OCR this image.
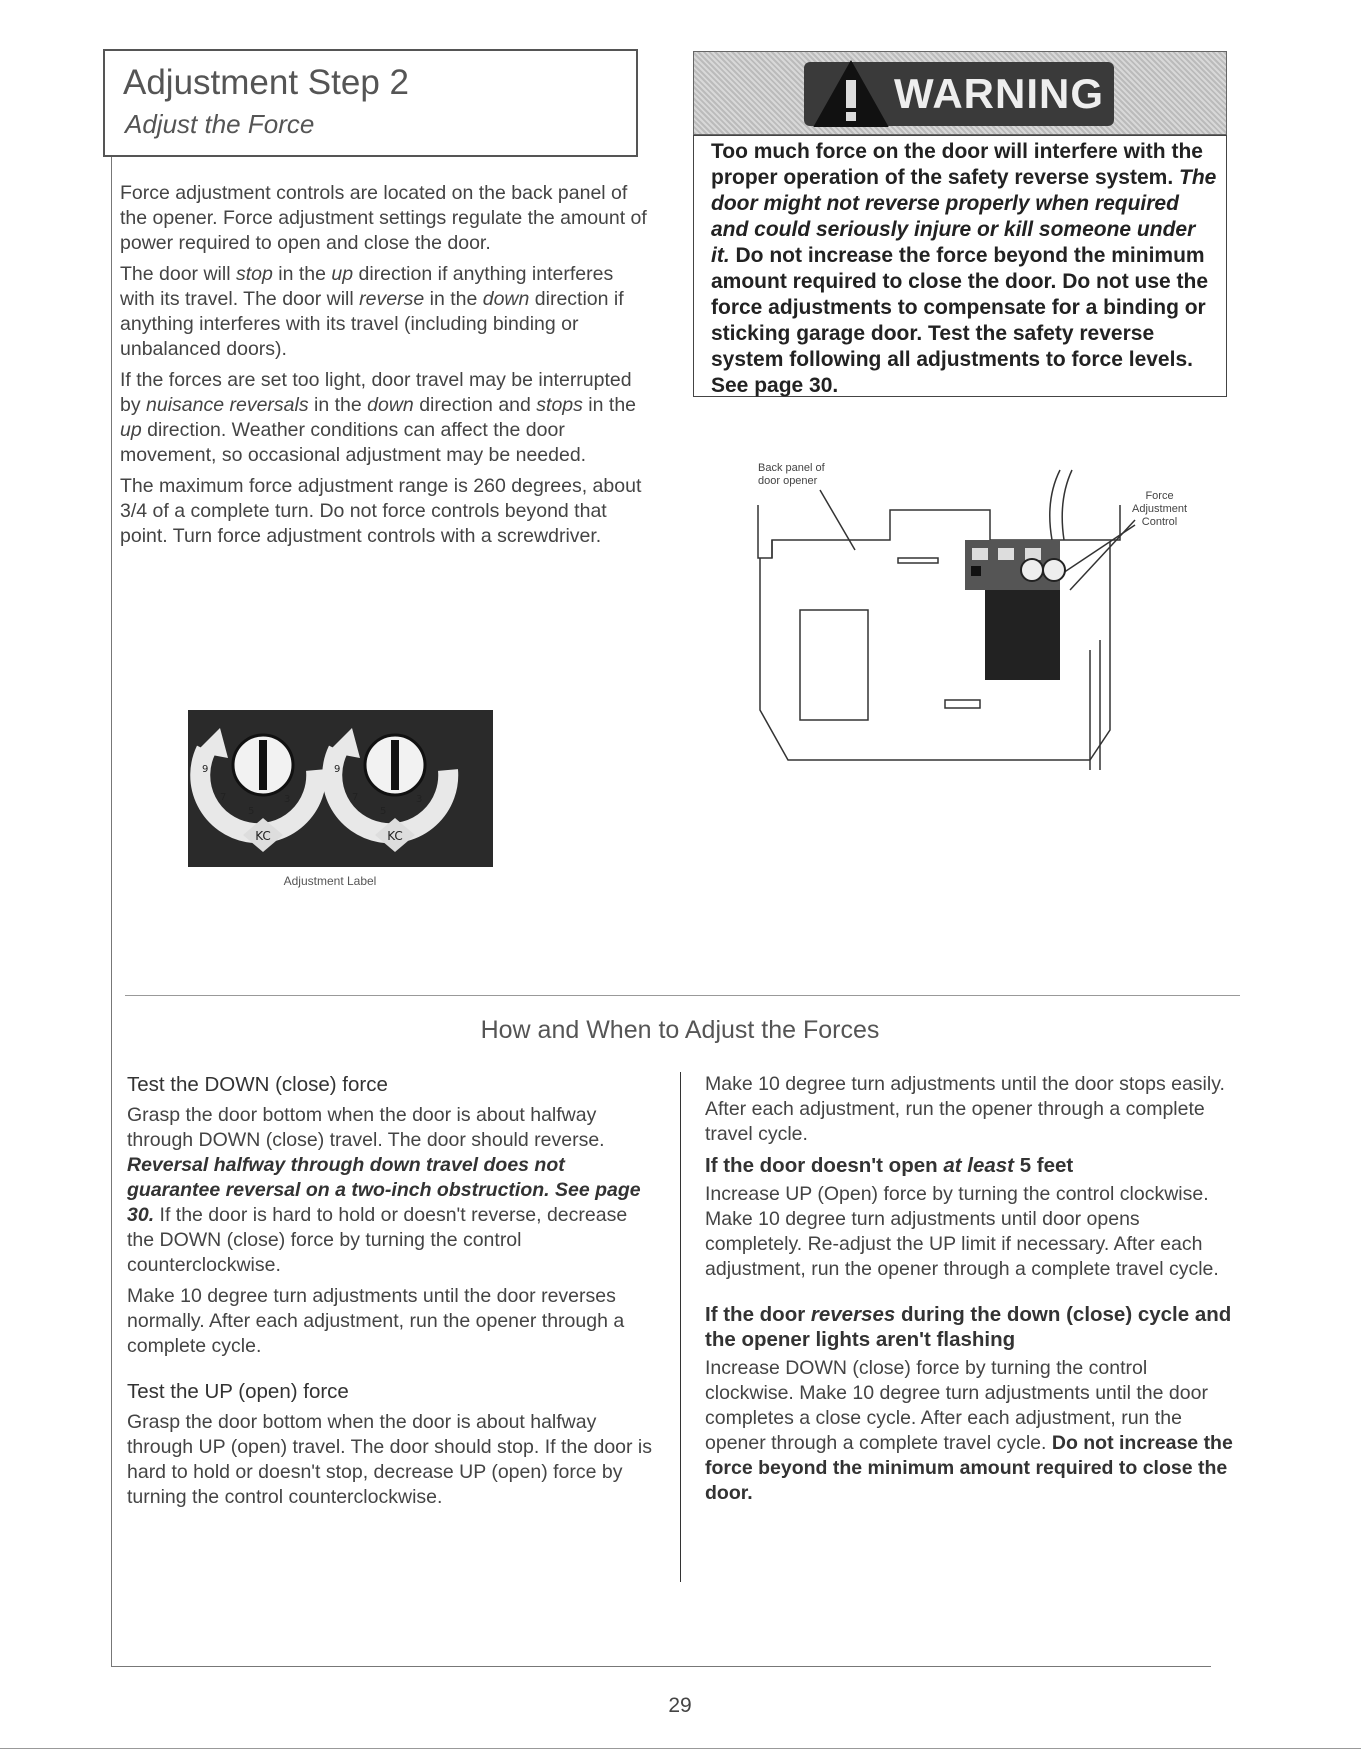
Adjustment Step 2
Adjust the Force

Force adjustment controls are located on the back panel of the opener. Force adjustment settings regulate the amount of power required to open and close the door.

The door will stop in the up direction if anything interferes with its travel. The door will reverse in the down direction if anything interferes with its travel (including binding or unbalanced doors).

If the forces are set too light, door travel may be interrupted by nuisance reversals in the down direction and stops in the up direction. Weather conditions can affect the door movement, so occasional adjustment may be needed.

The maximum force adjustment range is 260 degrees, about 3/4 of a complete turn. Do not force controls beyond that point. Turn force adjustment controls with a screwdriver.

WARNING

Too much force on the door will interfere with the proper operation of the safety reverse system. The door might not reverse properly when required and could seriously injure or kill someone under it. Do not increase the force beyond the minimum amount required to close the door. Do not use the force adjustments to compensate for a binding or sticking garage door. Test the safety reverse system following all adjustments to force levels. See page 30.

Back panel of
door opener
Force
Adjustment
Control
KC	KC
9
7
5
3
9
7
5
3
Adjustment Label
How and When to Adjust the Forces
Test the DOWN (close) force

Grasp the door bottom when the door is about halfway through DOWN (close) travel. The door should reverse. Reversal halfway through down travel does not guarantee reversal on a two-inch obstruction. See page 30. If the door is hard to hold or doesn't reverse, decrease the DOWN (close) force by turning the control counterclockwise.

Make 10 degree turn adjustments until the door reverses normally. After each adjustment, run the opener through a complete cycle.

Test the UP (open) force

Grasp the door bottom when the door is about halfway through UP (open) travel. The door should stop. If the door is hard to hold or doesn't stop, decrease UP (open) force by turning the control counterclockwise.

Make 10 degree turn adjustments until the door stops easily. After each adjustment, run the opener through a complete travel cycle.

If the door doesn't open at least 5 feet

Increase UP (Open) force by turning the control clockwise. Make 10 degree turn adjustments until door opens completely. Re-adjust the UP limit if necessary. After each adjustment, run the opener through a complete travel cycle.

If the door reverses during the down (close) cycle and the opener lights aren't flashing

Increase DOWN (close) force by turning the control clockwise. Make 10 degree turn adjustments until the door completes a close cycle. After each adjustment, run the opener through a complete travel cycle. Do not increase the force beyond the minimum amount required to close the door.

29
